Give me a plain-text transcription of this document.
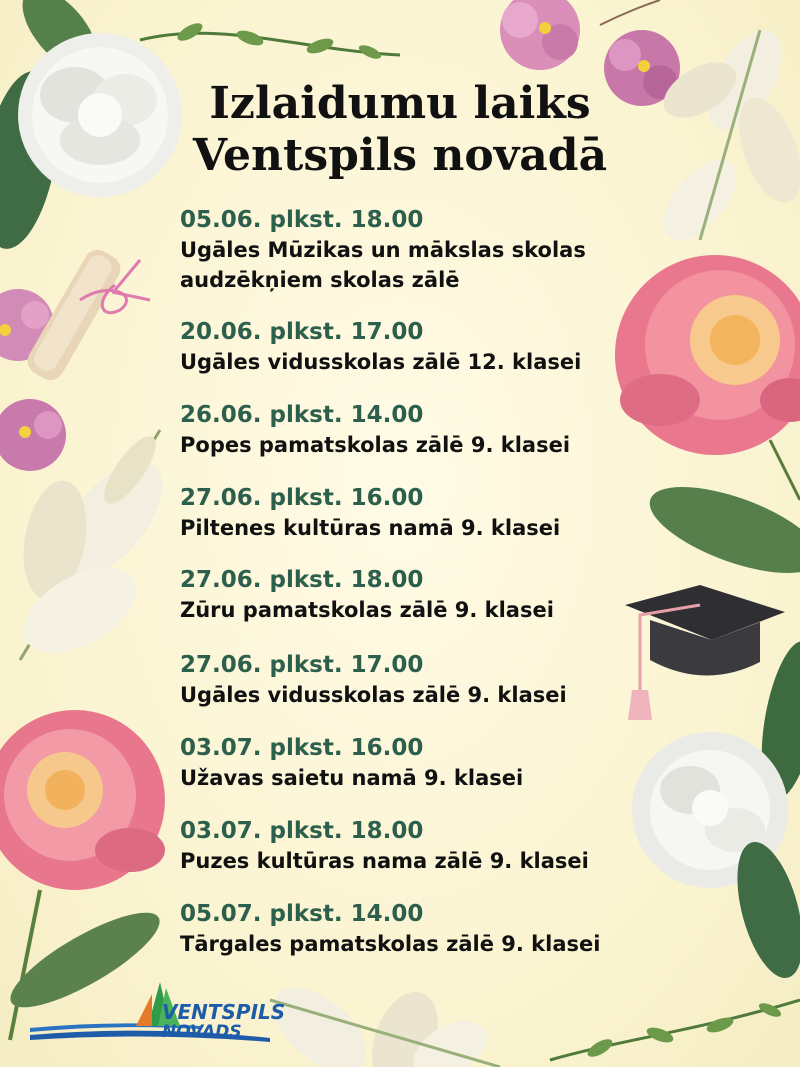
Izlaidumu laiks
Ventspils novadā
05.06. plkst. 18.00
Ugāles Mūzikas un mākslas skolas
audzēkņiem skolas zālē
20.06. plkst. 17.00
Ugāles vidusskolas zālē 12. klasei
26.06. plkst. 14.00
Popes pamatskolas zālē 9. klasei
27.06. plkst. 16.00
Piltenes kultūras namā 9. klasei
27.06. plkst. 18.00
Zūru pamatskolas zālē 9. klasei
27.06. plkst. 17.00
Ugāles vidusskolas zālē 9. klasei
03.07. plkst. 16.00
Užavas saietu namā 9. klasei
03.07. plkst. 18.00
Puzes kultūras nama zālē 9. klasei
05.07. plkst. 14.00
Tārgales pamatskolas zālē 9. klasei
VENTSPILS
NOVADS
